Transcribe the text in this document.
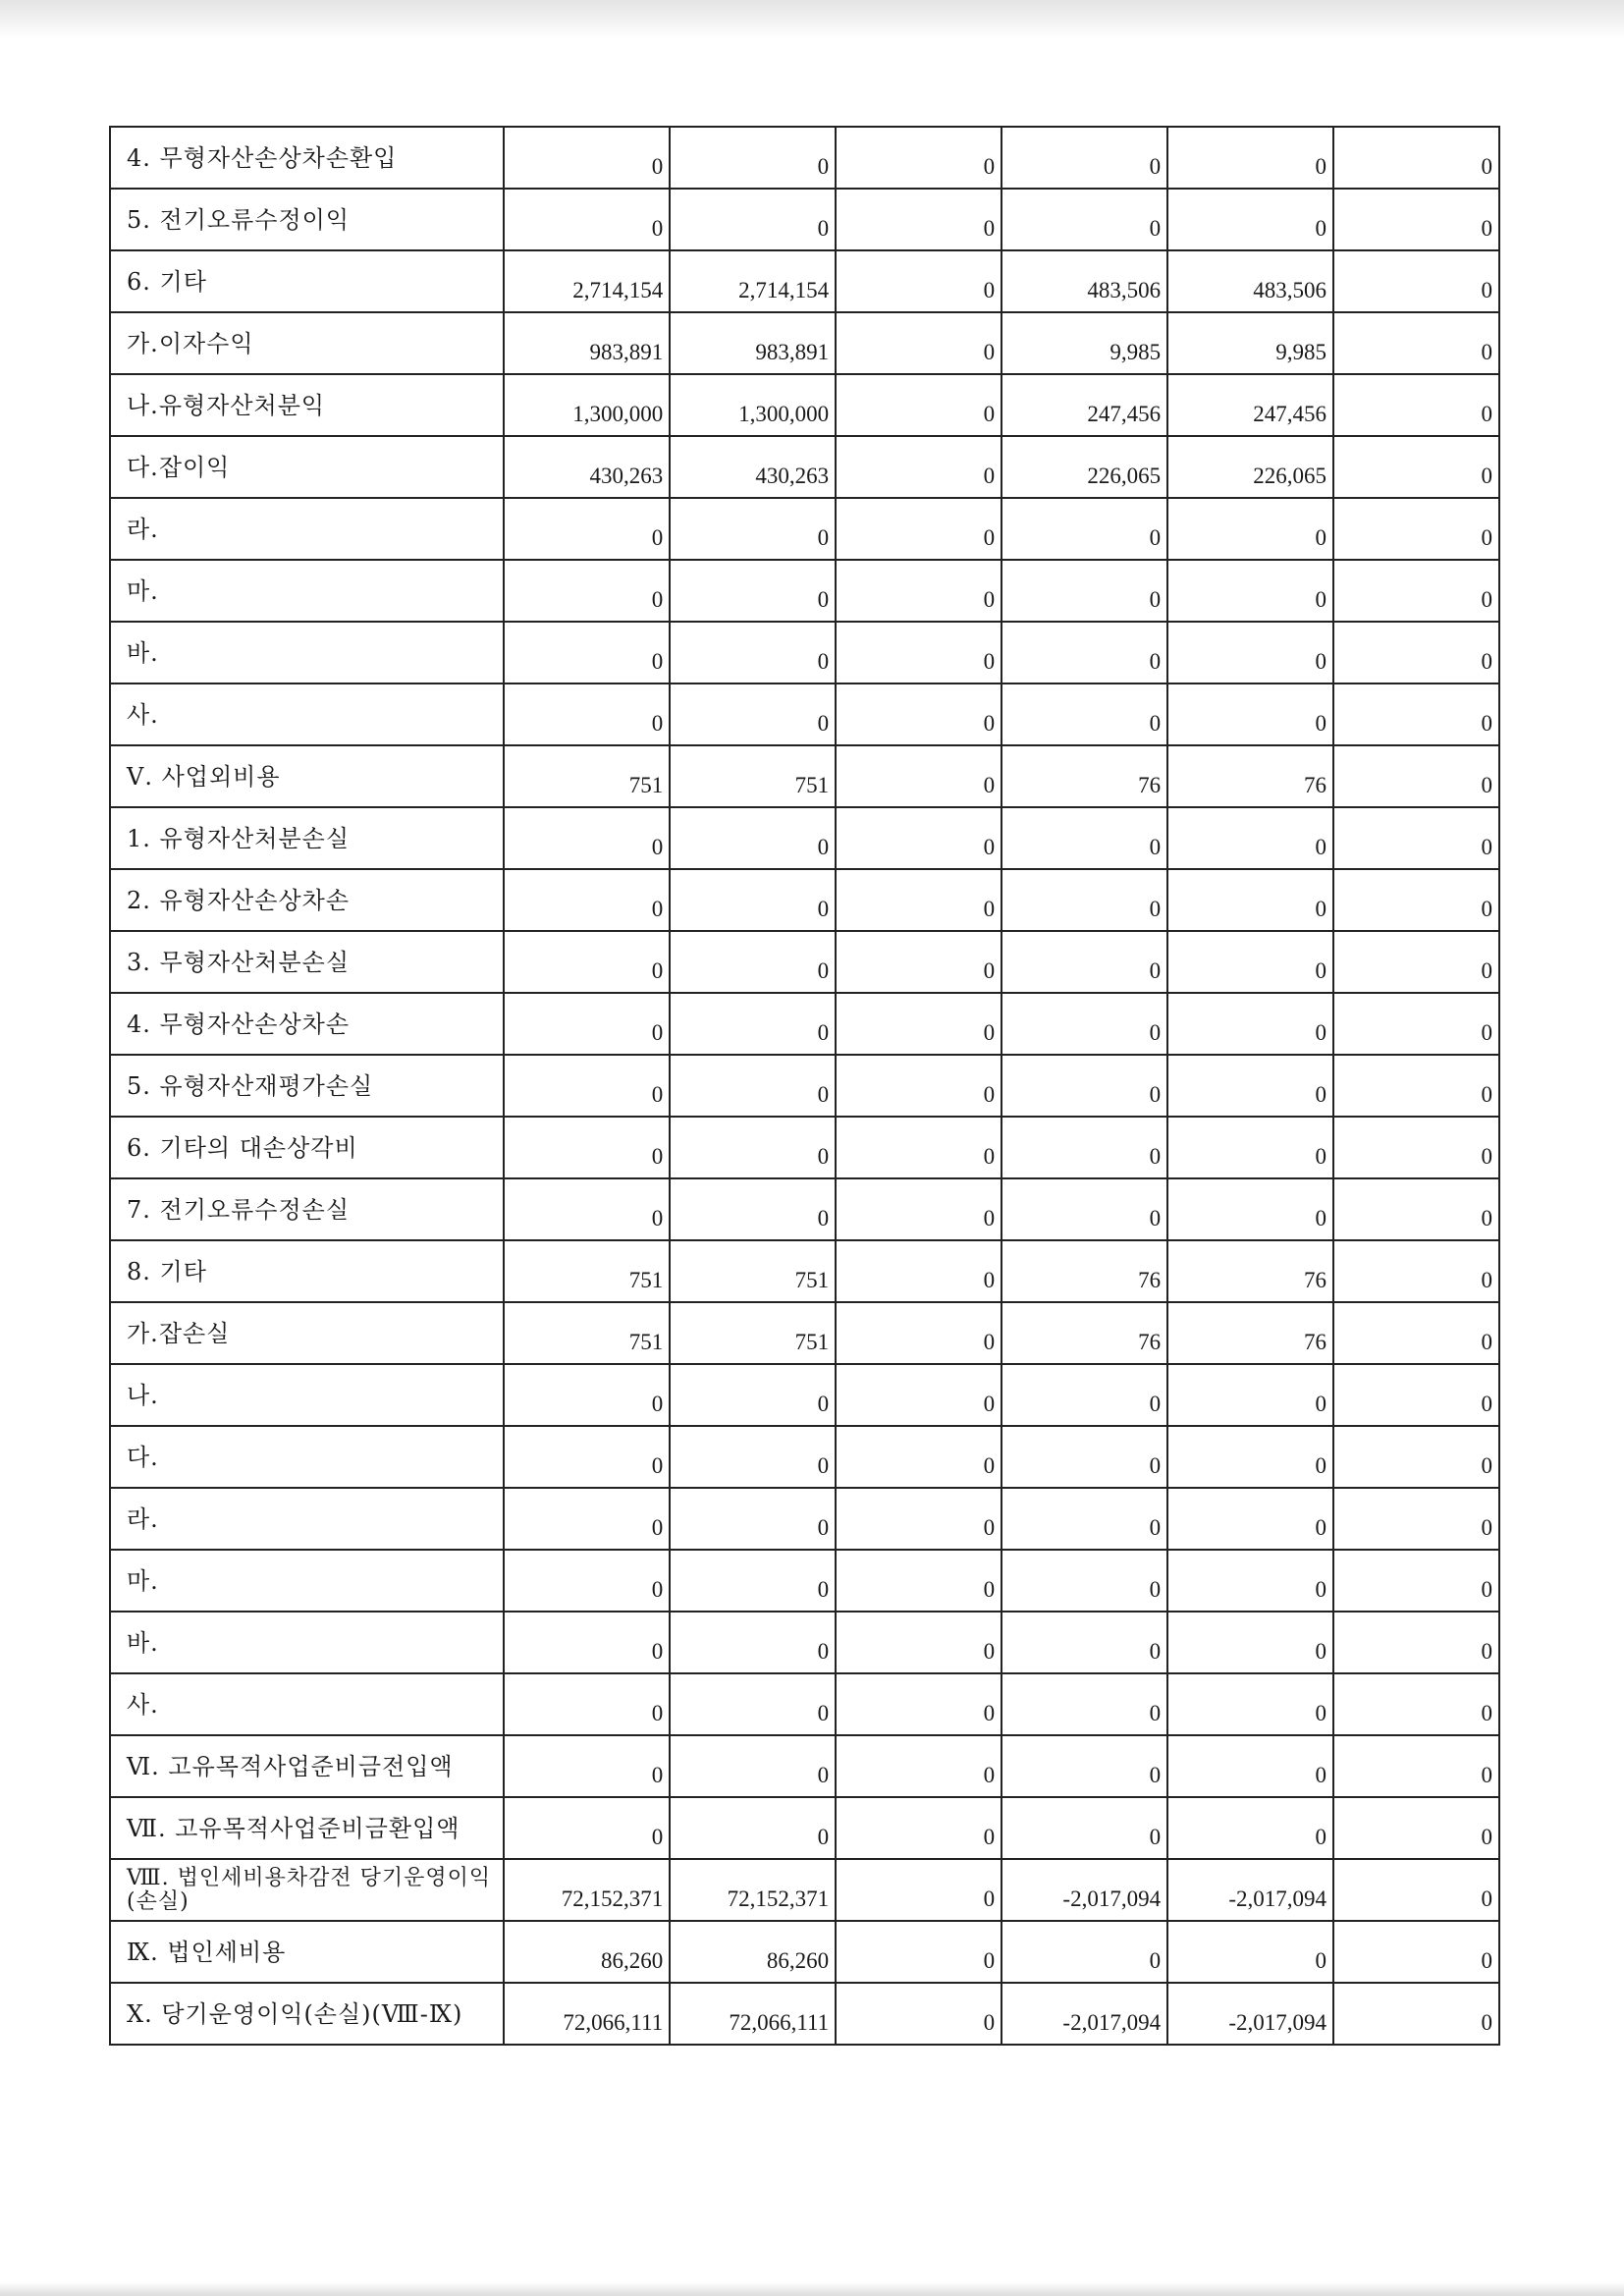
4. 무형자산손상차손환입	0	0	0	0	0	0
5. 전기오류수정이익	0	0	0	0	0	0
6. 기타	2,714,154	2,714,154	0	483,506	483,506	0
가.이자수익	983,891	983,891	0	9,985	9,985	0
나.유형자산처분익	1,300,000	1,300,000	0	247,456	247,456	0
다.잡이익	430,263	430,263	0	226,065	226,065	0
라.	0	0	0	0	0	0
마.	0	0	0	0	0	0
바.	0	0	0	0	0	0
사.	0	0	0	0	0	0
Ⅴ. 사업외비용	751	751	0	76	76	0
1. 유형자산처분손실	0	0	0	0	0	0
2. 유형자산손상차손	0	0	0	0	0	0
3. 무형자산처분손실	0	0	0	0	0	0
4. 무형자산손상차손	0	0	0	0	0	0
5. 유형자산재평가손실	0	0	0	0	0	0
6. 기타의 대손상각비	0	0	0	0	0	0
7. 전기오류수정손실	0	0	0	0	0	0
8. 기타	751	751	0	76	76	0
가.잡손실	751	751	0	76	76	0
나.	0	0	0	0	0	0
다.	0	0	0	0	0	0
라.	0	0	0	0	0	0
마.	0	0	0	0	0	0
바.	0	0	0	0	0	0
사.	0	0	0	0	0	0
Ⅵ. 고유목적사업준비금전입액	0	0	0	0	0	0
Ⅶ. 고유목적사업준비금환입액	0	0	0	0	0	0
Ⅷ. 법인세비용차감전 당기운영이익(손실)	72,152,371	72,152,371	0	-2,017,094	-2,017,094	0
Ⅸ. 법인세비용	86,260	86,260	0	0	0	0
Ⅹ. 당기운영이익(손실)(Ⅷ-Ⅸ)	72,066,111	72,066,111	0	-2,017,094	-2,017,094	0
